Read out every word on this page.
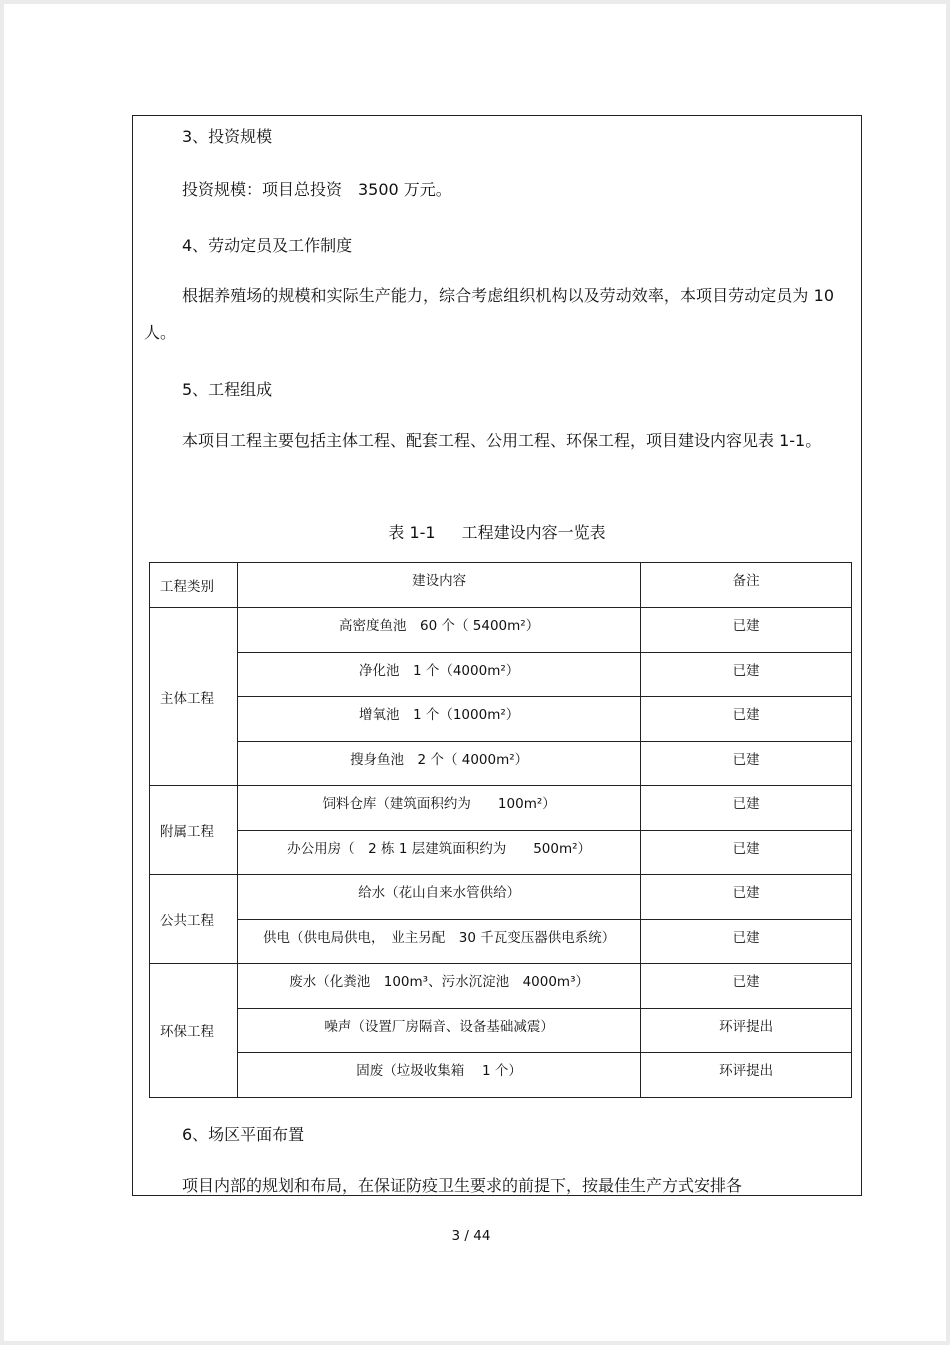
3、投资规模

投资规模：项目总投资　3500 万元。

4、劳动定员及工作制度

根据养殖场的规模和实际生产能力，综合考虑组织机构以及劳动效率，本项目劳动定员为 10人。

5、工程组成

本项目工程主要包括主体工程、配套工程、公用工程、环保工程，项目建设内容见表 1-1。

表 1-1 工程建设内容一览表
工程类别	建设内容	备注

主体工程	高密度鱼池　60 个（ 5400m²）	已建

	净化池　1 个（4000m²）	已建

	增氧池　1 个（1000m²）	已建

	搜身鱼池　2 个（ 4000m²）	已建

附属工程	饲料仓库（建筑面积约为　　100m²）	已建

	办公用房（　2 栋 1 层建筑面积约为　　500m²）	已建

公共工程	给水（花山自来水管供给）	已建

	供电（供电局供电，　业主另配　30 千瓦变压器供电系统）	已建

环保工程	废水（化粪池　100m³、污水沉淀池　4000m³）	已建

	噪声（设置厂房隔音、设备基础减震）	环评提出

	固废（垃圾收集箱　 1 个）	环评提出

6、场区平面布置

项目内部的规划和布局，在保证防疫卫生要求的前提下，按最佳生产方式安排各

3 / 44
